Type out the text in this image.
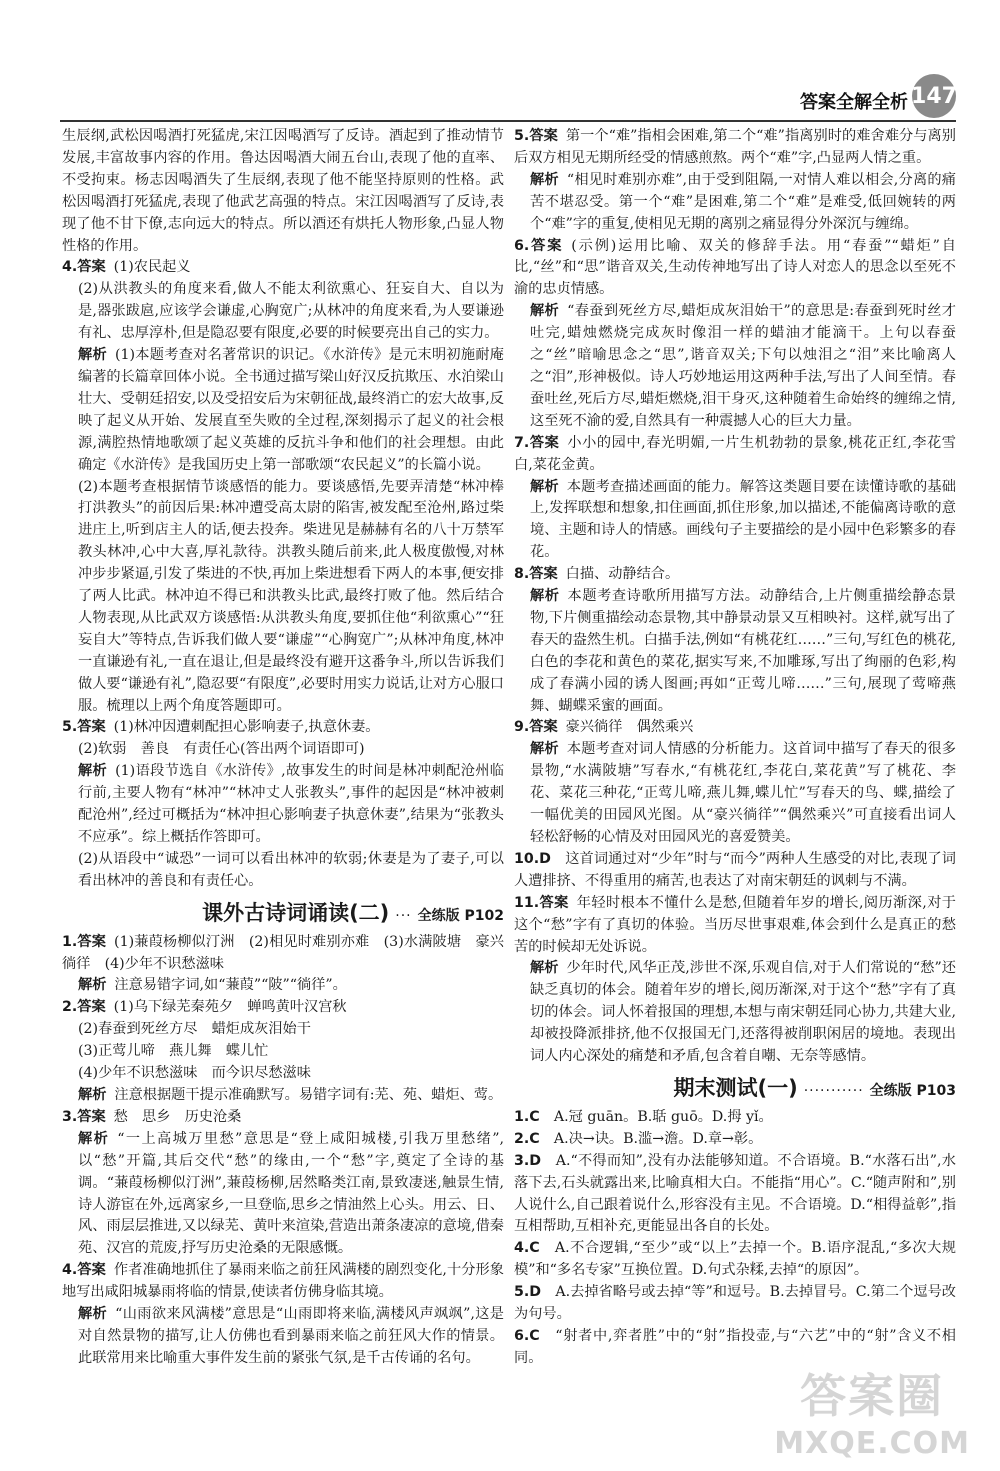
答案全解全析 147

生辰纲,武松因喝酒打死猛虎,宋江因喝酒写了反诗。酒起到了推动情节发展,丰富故事内容的作用。鲁达因喝酒大闹五台山,表现了他的直率、不受拘束。杨志因喝酒失了生辰纲,表现了他不能坚持原则的性格。武松因喝酒打死猛虎,表现了他武艺高强的特点。宋江因喝酒写了反诗,表现了他不甘下僚,志向远大的特点。所以酒还有烘托人物形象,凸显人物性格的作用。

4.答案 (1)农民起义

(2)从洪教头的角度来看,做人不能太利欲熏心、狂妄自大、自以为是,器张跋扈,应该学会谦虚,心胸宽广;从林冲的角度来看,为人要谦逊有礼、忠厚淳朴,但是隐忍要有限度,必要的时候要亮出自己的实力。

解析 (1)本题考查对名著常识的识记。《水浒传》是元末明初施耐庵编著的长篇章回体小说。全书通过描写梁山好汉反抗欺压、水泊梁山壮大、受朝廷招安,以及受招安后为宋朝征战,最终消亡的宏大故事,反映了起义从开始、发展直至失败的全过程,深刻揭示了起义的社会根源,满腔热情地歌颂了起义英雄的反抗斗争和他们的社会理想。由此确定《水浒传》是我国历史上第一部歌颂“农民起义”的长篇小说。

(2)本题考查根据情节谈感悟的能力。要谈感悟,先要弄清楚“林冲棒打洪教头”的前因后果:林冲遭受高太尉的陷害,被发配至沧州,路过柴进庄上,听到店主人的话,便去投奔。柴进见是赫赫有名的八十万禁军教头林冲,心中大喜,厚礼款待。洪教头随后前来,此人极度傲慢,对林冲步步紧逼,引发了柴进的不快,再加上柴进想看下两人的本事,便安排了两人比武。林冲迫不得已和洪教头比武,最终打败了他。然后结合人物表现,从比武双方谈感悟:从洪教头角度,要抓住他“利欲熏心”“狂妄自大”等特点,告诉我们做人要“谦虚”“心胸宽广”;从林冲角度,林冲一直谦逊有礼,一直在退让,但是最终没有避开这番争斗,所以告诉我们做人要“谦逊有礼”,隐忍要“有限度”,必要时用实力说话,让对方心服口服。梳理以上两个角度答题即可。

5.答案 (1)林冲因遭刺配担心影响妻子,执意休妻。

(2)软弱　善良　有责任心(答出两个词语即可)

解析 (1)语段节选自《水浒传》,故事发生的时间是林冲刺配沧州临行前,主要人物有“林冲”“林冲丈人张教头”,事件的起因是“林冲被刺配沧州”,经过可概括为“林冲担心影响妻子执意休妻”,结果为“张教头不应承”。综上概括作答即可。

(2)从语段中“诚恐”一词可以看出林冲的软弱;休妻是为了妻子,可以看出林冲的善良和有责任心。

课外古诗词诵读(二) ··· 全练版 P102

1.答案 (1)蒹葭杨柳似汀洲　(2)相见时难别亦难　(3)水满陂塘　豪兴徜徉　(4)少年不识愁滋味

解析 注意易错字词,如“蒹葭”“陂”“徜徉”。

2.答案 (1)乌下绿芜秦苑夕　蝉鸣黄叶汉宫秋

(2)春蚕到死丝方尽　蜡炬成灰泪始干

(3)正莺儿啼　燕儿舞　蝶儿忙

(4)少年不识愁滋味　而今识尽愁滋味

解析 注意根据题干提示准确默写。易错字词有:芜、苑、蜡炬、莺。

3.答案 愁　思乡　历史沧桑

解析 “一上高城万里愁”意思是“登上咸阳城楼,引我万里愁绪”,以“愁”开篇,其后交代“愁”的缘由,一个“愁”字,奠定了全诗的基调。“蒹葭杨柳似汀洲”,蒹葭杨柳,居然略类江南,景致凄迷,触景生情,诗人游宦在外,远离家乡,一旦登临,思乡之情油然上心头。用云、日、风、雨层层推进,又以绿芜、黄叶来渲染,营造出萧条凄凉的意境,借秦苑、汉宫的荒废,抒写历史沧桑的无限感慨。

4.答案 作者准确地抓住了暴雨来临之前狂风满楼的剧烈变化,十分形象地写出咸阳城暴雨将临的情景,使读者仿佛身临其境。

解析 “山雨欲来风满楼”意思是“山雨即将来临,满楼风声飒飒”,这是对自然景物的描写,让人仿佛也看到暴雨来临之前狂风大作的情景。此联常用来比喻重大事件发生前的紧张气氛,是千古传诵的名句。

5.答案 第一个“难”指相会困难,第二个“难”指离别时的难舍难分与离别后双方相见无期所经受的情感煎熬。两个“难”字,凸显两人情之重。

解析 “相见时难别亦难”,由于受到阻隔,一对情人难以相会,分离的痛苦不堪忍受。第一个“难”是困难,第二个“难”是难受,低回婉转的两个“难”字的重复,使相见无期的离别之痛显得分外深沉与缠绵。

6.答案 (示例)运用比喻、双关的修辞手法。用“春蚕”“蜡炬”自比,“丝”和“思”谐音双关,生动传神地写出了诗人对恋人的思念以至死不渝的忠贞情感。

解析 “春蚕到死丝方尽,蜡炬成灰泪始干”的意思是:春蚕到死时丝才吐完,蜡烛燃烧完成灰时像泪一样的蜡油才能滴干。上句以春蚕之“丝”暗喻思念之“思”,谐音双关;下句以烛泪之“泪”来比喻离人之“泪”,形神极似。诗人巧妙地运用这两种手法,写出了人间至情。春蚕吐丝,死后方尽,蜡炬燃烧,泪干身灭,这种随着生命始终的缠绵之情,这至死不渝的爱,自然具有一种震撼人心的巨大力量。

7.答案 小小的园中,春光明媚,一片生机勃勃的景象,桃花正红,李花雪白,菜花金黄。

解析 本题考查描述画面的能力。解答这类题目要在读懂诗歌的基础上,发挥联想和想象,扣住画面,抓住形象,加以描述,不能偏离诗歌的意境、主题和诗人的情感。画线句子主要描绘的是小园中色彩繁多的春花。

8.答案 白描、动静结合。

解析 本题考查诗歌所用描写方法。动静结合,上片侧重描绘静态景物,下片侧重描绘动态景物,其中静景动景又互相映衬。这样,就写出了春天的盎然生机。白描手法,例如“有桃花红……”三句,写红色的桃花,白色的李花和黄色的菜花,据实写来,不加雕琢,写出了绚丽的色彩,构成了春满小园的诱人图画;再如“正莺儿啼……”三句,展现了莺啼燕舞、蝴蝶采蜜的画面。

9.答案 豪兴徜徉　偶然乘兴

解析 本题考查对词人情感的分析能力。这首词中描写了春天的很多景物,“水满陂塘”写春水,“有桃花红,李花白,菜花黄”写了桃花、李花、菜花三种花,“正莺儿啼,燕儿舞,蝶儿忙”写春天的鸟、蝶,描绘了一幅优美的田园风光图。从“豪兴徜徉”“偶然乘兴”可直接看出词人轻松舒畅的心情及对田园风光的喜爱赞美。

10.D　 这首词通过对“少年”时与“而今”两种人生感受的对比,表现了词人遭排挤、不得重用的痛苦,也表达了对南宋朝廷的讽刺与不满。

11.答案 年轻时根本不懂什么是愁,但随着年岁的增长,阅历渐深,对于这个“愁”字有了真切的体验。当历尽世事艰难,体会到什么是真正的愁苦的时候却无处诉说。

解析 少年时代,风华正茂,涉世不深,乐观自信,对于人们常说的“愁”还缺乏真切的体会。随着年岁的增长,阅历渐深,对于这个“愁”字有了真切的体会。词人怀着报国的理想,本想与南宋朝廷同心协力,共建大业,却被投降派排挤,他不仅报国无门,还落得被削职闲居的境地。表现出词人内心深处的痛楚和矛盾,包含着自嘲、无奈等感情。

期末测试(一) ··········· 全练版 P103

1.C　 A.冠 guān。B.聒 guō。D.拇 yǐ。

2.C　 A.决→诀。B.滥→澹。D.章→彰。

3.D　 A.“不得而知”,没有办法能够知道。不合语境。B.“水落石出”,水落下去,石头就露出来,比喻真相大白。不能指“用心”。C.“随声附和”,别人说什么,自己跟着说什么,形容没有主见。不合语境。D.“相得益彰”,指互相帮助,互相补充,更能显出各自的长处。

4.C　 A.不合逻辑,“至少”或“以上”去掉一个。B.语序混乱,“多次大规模”和“多名专家”互换位置。D.句式杂糅,去掉“的原因”。

5.D　 A.去掉省略号或去掉“等”和逗号。B.去掉冒号。C.第二个逗号改为句号。

6.C　 “射者中,弈者胜”中的“射”指投壶,与“六艺”中的“射”含义不相同。

答案圈
MXQE.COM
